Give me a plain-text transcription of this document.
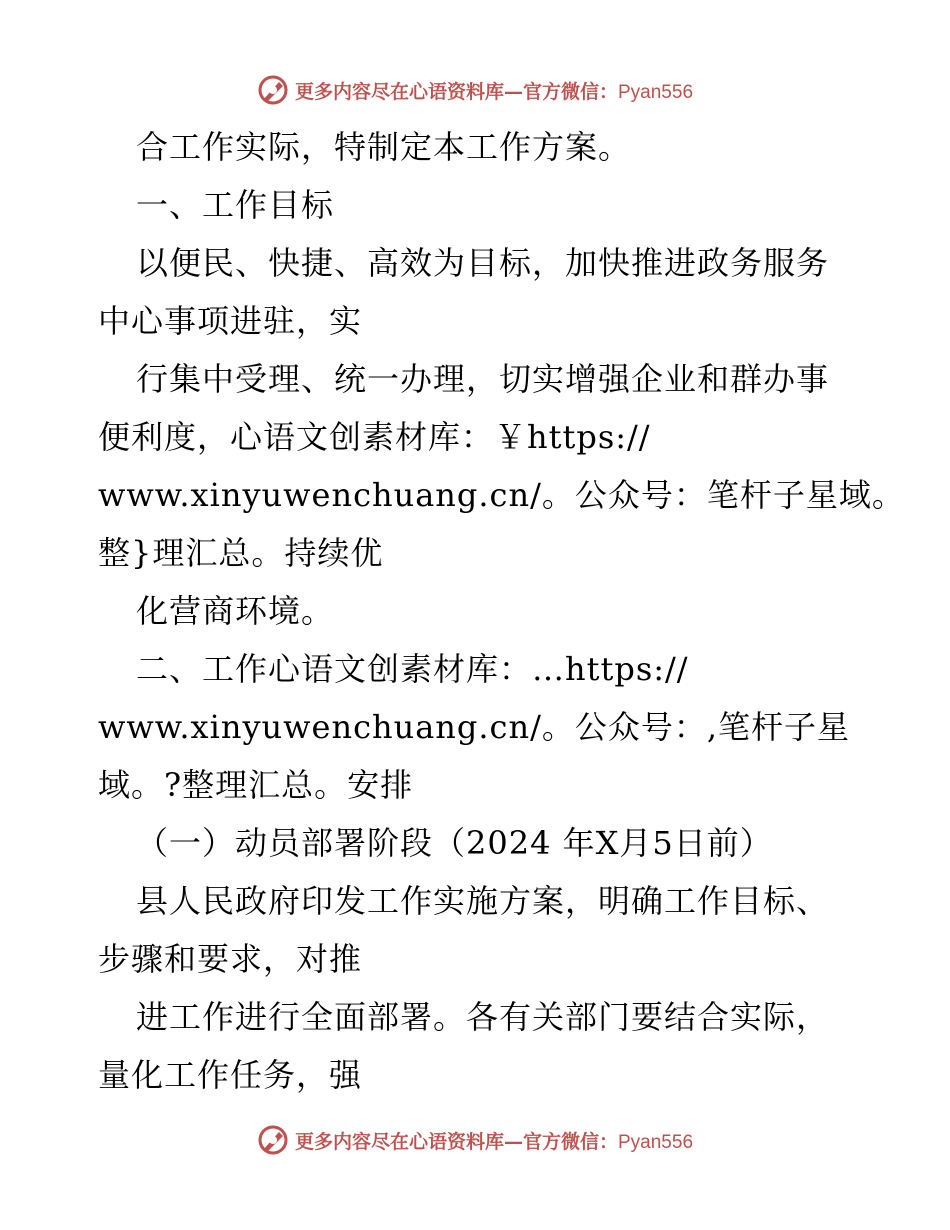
更多内容尽在心语资料库—官方微信：Pyan556
合工作实际，特制定本工作方案。
一、工作目标
以便民、快捷、高效为目标，加快推进政务服务
中心事项进驻，实
行集中受理、统一办理，切实增强企业和群办事
便利度，心语文创素材库：￥https://
www.xinyuwenchuang.cn/。公众号：笔杆子星域。
整}理汇总。持续优
化营商环境。
二、工作心语文创素材库：…https://
www.xinyuwenchuang.cn/。公众号：,笔杆子星
域。?整理汇总。安排
（一）动员部署阶段（2024 年X月5日前）
县人民政府印发工作实施方案，明确工作目标、
步骤和要求，对推
进工作进行全面部署。各有关部门要结合实际，
量化工作任务，强
更多内容尽在心语资料库—官方微信：Pyan556
